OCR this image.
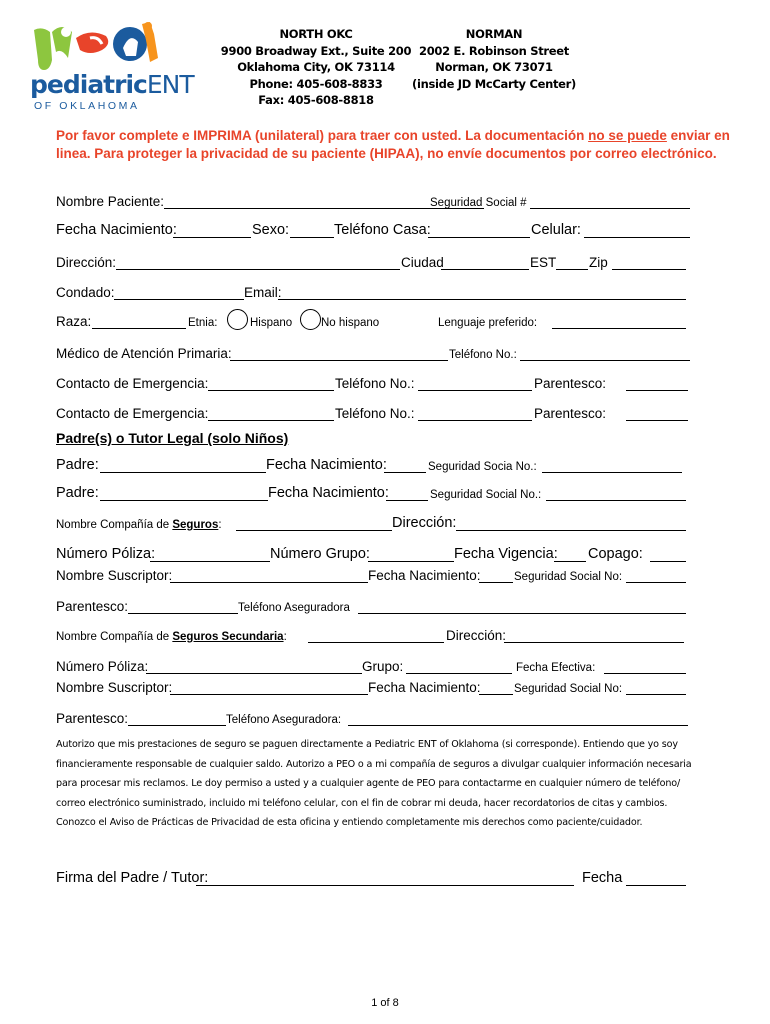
pediatricENT
OF OKLAHOMA
NORTH OKC
9900 Broadway Ext., Suite 200
Oklahoma City, OK 73114
Phone: 405-608-8833
Fax: 405-608-8818
NORMAN
2002 E. Robinson Street
Norman, OK 73071
(inside JD McCarty Center)
Por favor complete e IMPRIMA (unilateral) para traer con usted. La documentación no se puede enviar en linea. Para proteger la privacidad de su paciente (HIPAA), no envíe documentos por correo electrónico.
Nombre Paciente:	Seguridad Social #
Fecha Nacimiento:	Sexo:	Teléfono Casa:	Celular:
Dirección:	Ciudad	EST Zip
Condado:	Email:
Raza:	Etnia:	Hispano	No hispano	Lenguaje preferido:
Médico de Atención Primaria:	Teléfono No.:
Contacto de Emergencia:	Teléfono No.:	Parentesco:
Contacto de Emergencia:	Teléfono No.:	Parentesco:
Padre(s) o Tutor Legal (solo Niños)
Padre:	Fecha Nacimiento:	Seguridad Socia No.:
Padre:	Fecha Nacimiento:	Seguridad Social No.:
Nombre Compañía de Seguros:	Dirección:
Número Póliza:	Número Grupo:	Fecha Vigencia: Copago:
Nombre Suscriptor:	Fecha Nacimiento:	Seguridad Social No:
Parentesco:	Teléfono Aseguradora
Nombre Compañía de Seguros Secundaria:	Dirección:
Número Póliza:	Grupo:	Fecha Efectiva:
Nombre Suscriptor:	Fecha Nacimiento:	Seguridad Social No:
Parentesco:	Teléfono Aseguradora:
Autorizo que mis prestaciones de seguro se paguen directamente a Pediatric ENT of Oklahoma (si corresponde). Entiendo que yo soy
financieramente responsable de cualquier saldo. Autorizo a PEO o a mi compañía de seguros a divulgar cualquier información necesaria
para procesar mis reclamos. Le doy permiso a usted y a cualquier agente de PEO para contactarme en cualquier número de teléfono/
correo electrónico suministrado, incluido mi teléfono celular, con el fin de cobrar mi deuda, hacer recordatorios de citas y cambios.
Conozco el Aviso de Prácticas de Privacidad de esta oficina y entiendo completamente mis derechos como paciente/cuidador.
Firma del Padre / Tutor:	Fecha
1 of 8
